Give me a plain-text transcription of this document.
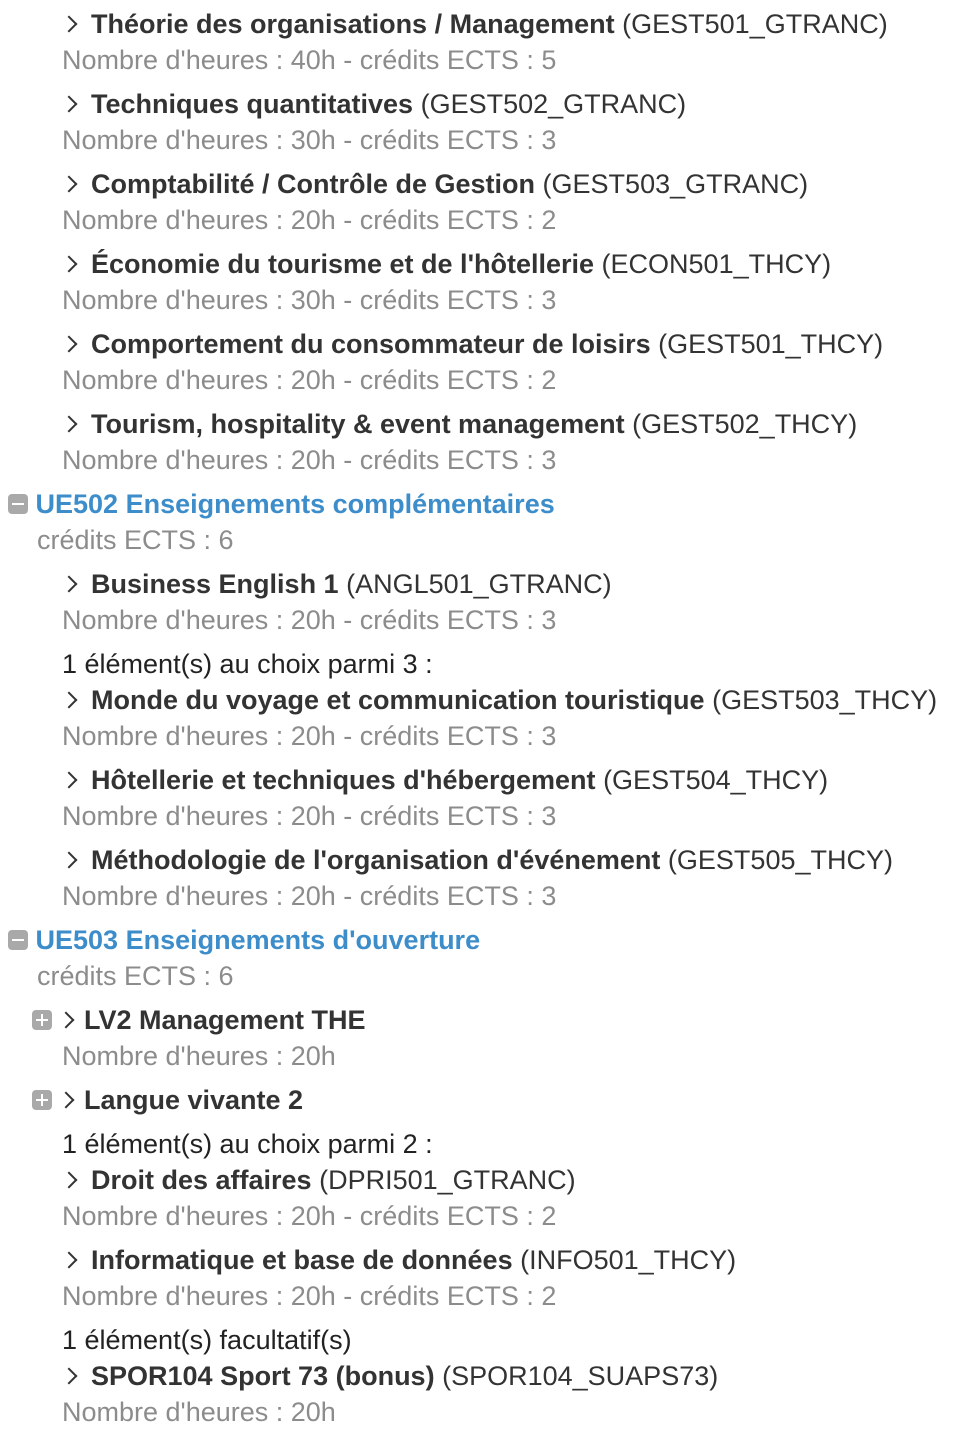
Théorie des organisations / Management (GEST501_GTRANC)
Nombre d'heures : 40h - crédits ECTS : 5
Techniques quantitatives (GEST502_GTRANC)
Nombre d'heures : 30h - crédits ECTS : 3
Comptabilité / Contrôle de Gestion (GEST503_GTRANC)
Nombre d'heures : 20h - crédits ECTS : 2
Économie du tourisme et de l'hôtellerie (ECON501_THCY)
Nombre d'heures : 30h - crédits ECTS : 3
Comportement du consommateur de loisirs (GEST501_THCY)
Nombre d'heures : 20h - crédits ECTS : 2
Tourism, hospitality & event management (GEST502_THCY)
Nombre d'heures : 20h - crédits ECTS : 3
UE502 Enseignements complémentaires
crédits ECTS : 6
Business English 1 (ANGL501_GTRANC)
Nombre d'heures : 20h - crédits ECTS : 3
1 élément(s) au choix parmi 3 :
Monde du voyage et communication touristique (GEST503_THCY)
Nombre d'heures : 20h - crédits ECTS : 3
Hôtellerie et techniques d'hébergement (GEST504_THCY)
Nombre d'heures : 20h - crédits ECTS : 3
Méthodologie de l'organisation d'événement (GEST505_THCY)
Nombre d'heures : 20h - crédits ECTS : 3
UE503 Enseignements d'ouverture
crédits ECTS : 6
LV2 Management THE
Nombre d'heures : 20h
Langue vivante 2
1 élément(s) au choix parmi 2 :
Droit des affaires (DPRI501_GTRANC)
Nombre d'heures : 20h - crédits ECTS : 2
Informatique et base de données (INFO501_THCY)
Nombre d'heures : 20h - crédits ECTS : 2
1 élément(s) facultatif(s)
SPOR104 Sport 73 (bonus) (SPOR104_SUAPS73)
Nombre d'heures : 20h
